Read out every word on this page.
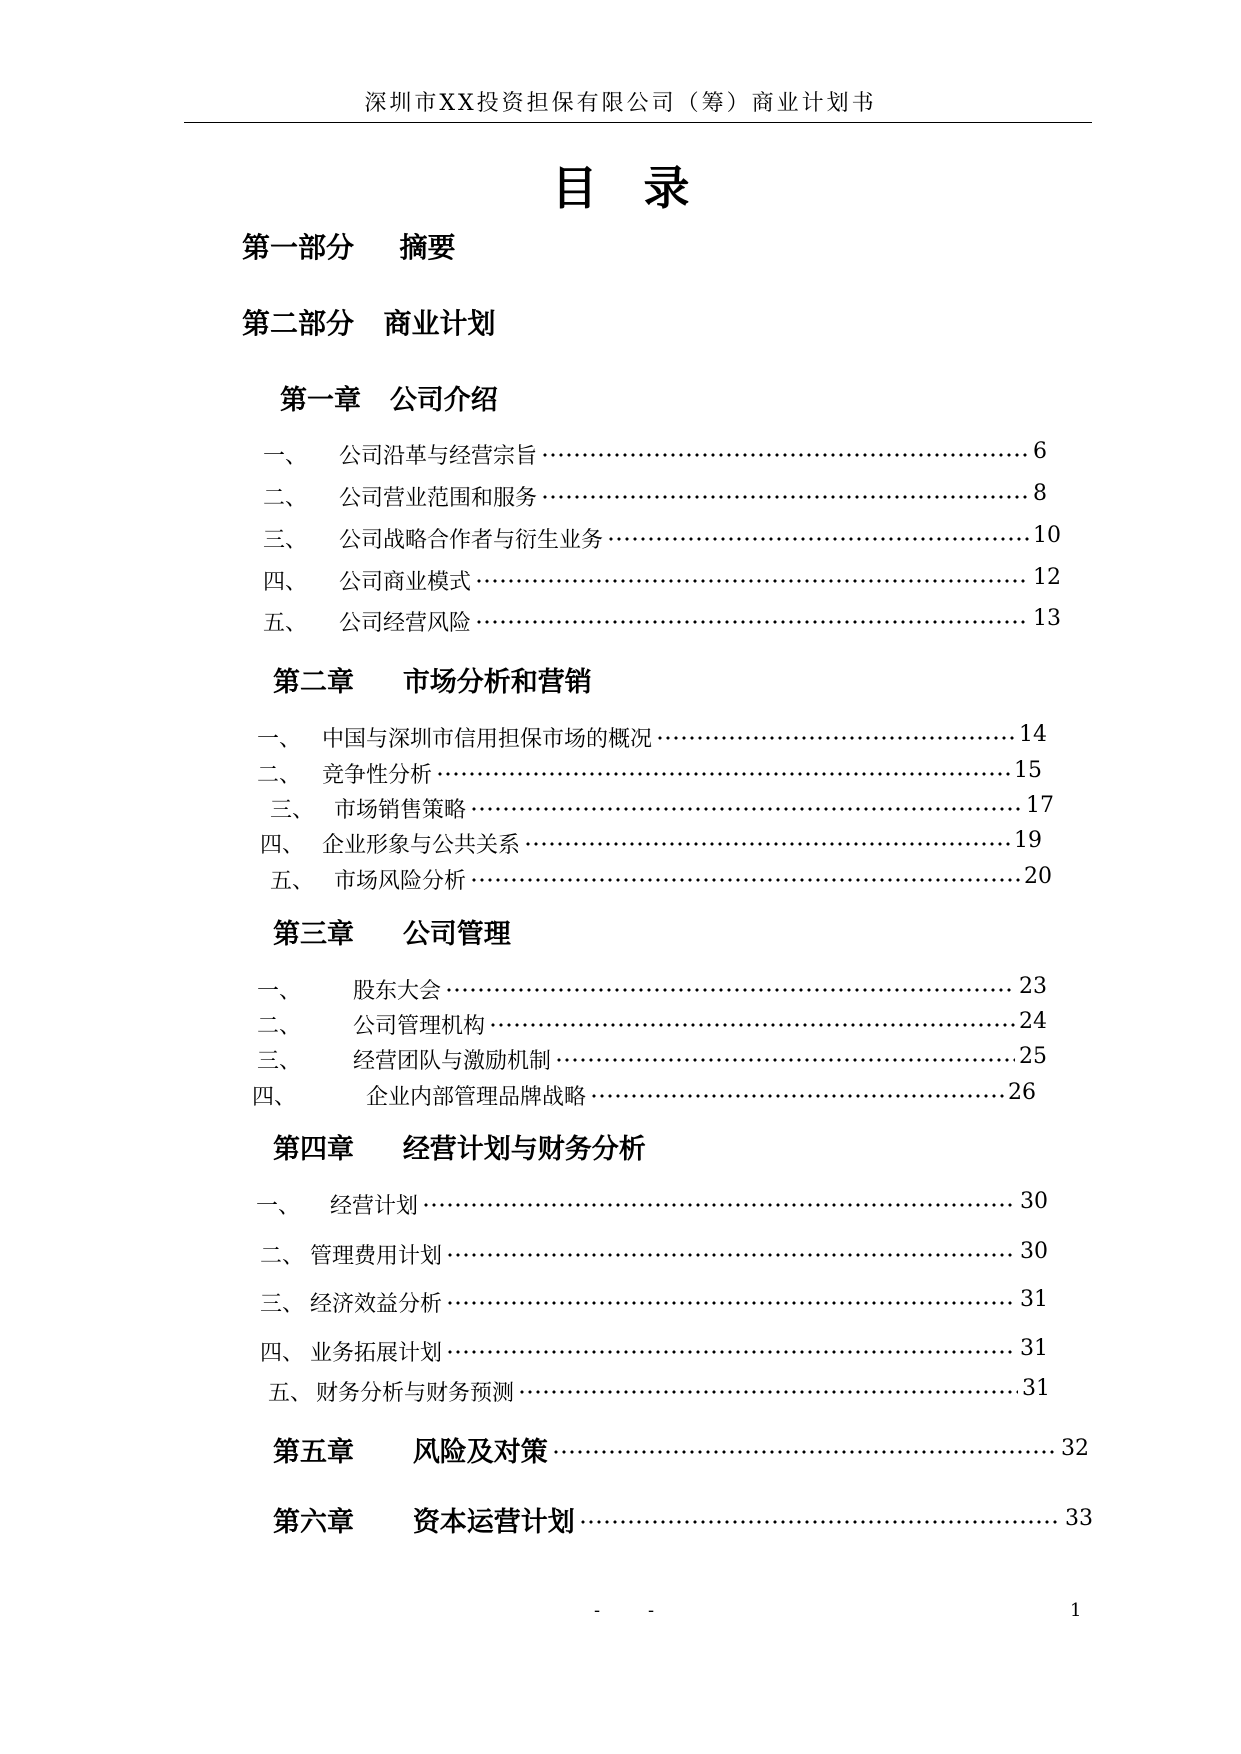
深圳市XX投资担保有限公司（筹）商业计划书
目　录
第一部分 摘要
第二部分 商业计划
第一章 公司介绍
一、 公司沿革与经营宗旨	6
二、 公司营业范围和服务	8
三、 公司战略合作者与衍生业务	10
四、 公司商业模式	12
五、 公司经营风险	13
第二章 市场分析和营销
一、 中国与深圳市信用担保市场的概况	14
二、 竞争性分析	15
三、 市场销售策略	17
四、 企业形象与公共关系	19
五、 市场风险分析	20
第三章 公司管理
一、 股东大会	23
二、 公司管理机构	24
三、 经营团队与激励机制	25
四、	企业内部管理品牌战略	26
第四章 经营计划与财务分析
一、 经营计划	30
二、 管理费用计划	30
三、 经济效益分析	31
四、 业务拓展计划	31
五、 财务分析与财务预测	31
第五章 风险及对策	32
第六章 资本运营计划	33
-	-	1
